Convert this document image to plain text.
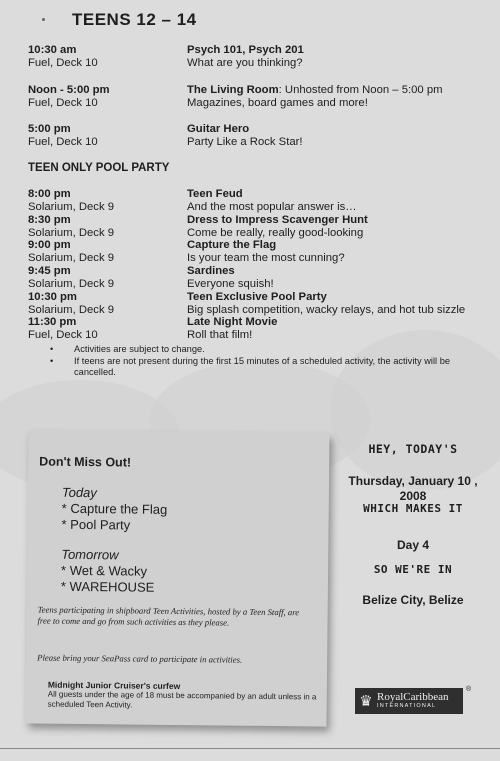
TEENS 12 – 14
10:30 am
Fuel, Deck 10
Psych 101, Psych 201
What are you thinking?
Noon - 5:00 pm
Fuel, Deck 10
The Living Room: Unhosted from Noon – 5:00 pm
Magazines, board games and more!
5:00 pm
Fuel, Deck 10
Guitar Hero
Party Like a Rock Star!
TEEN ONLY POOL PARTY
8:00 pm
Solarium, Deck 9
Teen Feud
And the most popular answer is…
8:30 pm
Solarium, Deck 9
Dress to Impress Scavenger Hunt
Come be really, really good-looking
9:00 pm
Solarium, Deck 9
Capture the Flag
Is your team the most cunning?
9:45 pm
Solarium, Deck 9
Sardines
Everyone squish!
10:30 pm
Solarium, Deck 9
Teen Exclusive Pool Party
Big splash competition, wacky relays, and hot tub sizzle
11:30 pm
Fuel, Deck 10
Late Night Movie
Roll that film!

• Activities are subject to change.

• If teens are not present during the first 15 minutes of a scheduled activity, the activity will be cancelled.

Don't Miss Out!
Today
* Capture the Flag
* Pool Party
Tomorrow
* Wet & Wacky
* WAREHOUSE
Teens participating in shipboard Teen Activities, hosted by a Teen Staff, are free to come and go from such activities as they please.
Please bring your SeaPass card to participate in activities.
Midnight Junior Cruiser's curfew
All guests under the age of 18 must be accompanied by an adult unless in a scheduled Teen Activity.
HEY, TODAY'S
Thursday, January 10 ,
2008
WHICH MAKES IT
Day 4
SO WE'RE IN
Belize City, Belize
♛ RoyalCaribbean
INTERNATIONAL
®
